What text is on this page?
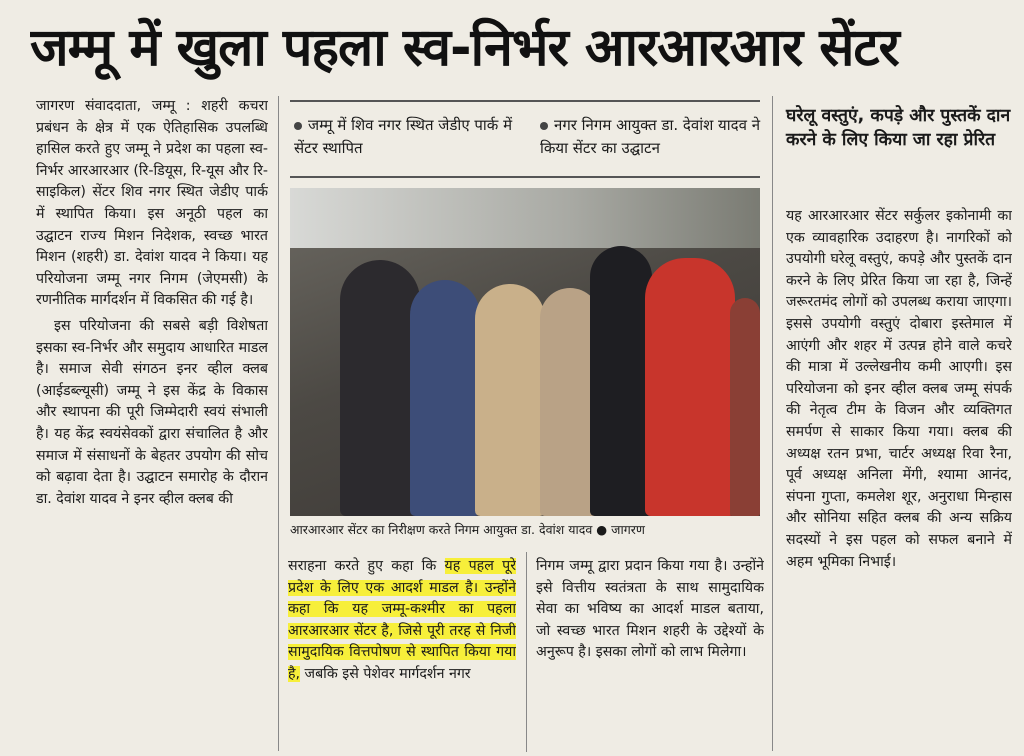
जम्मू में खुला पहला स्व-निर्भर आरआरआर सेंटर

जागरण संवाददाता, जम्मू : शहरी कचरा प्रबंधन के क्षेत्र में एक ऐतिहासिक उपलब्धि हासिल करते हुए जम्मू ने प्रदेश का पहला स्व-निर्भर आरआरआर (रि-डियूस, रि-यूस और रि-साइकिल) सेंटर शिव नगर स्थित जेडीए पार्क में स्थापित किया। इस अनूठी पहल का उद्घाटन राज्य मिशन निदेशक, स्वच्छ भारत मिशन (शहरी) डा. देवांश यादव ने किया। यह परियोजना जम्मू नगर निगम (जेएमसी) के रणनीतिक मार्गदर्शन में विकसित की गई है।

इस परियोजना की सबसे बड़ी विशेषता इसका स्व-निर्भर और समुदाय आधारित माडल है। समाज सेवी संगठन इनर व्हील क्लब (आईडब्ल्यूसी) जम्मू ने इस केंद्र के विकास और स्थापना की पूरी जिम्मेदारी स्वयं संभाली है। यह केंद्र स्वयंसेवकों द्वारा संचालित है और समाज में संसाधनों के बेहतर उपयोग की सोच को बढ़ावा देता है। उद्घाटन समारोह के दौरान डा. देवांश यादव ने इनर व्हील क्लब की

जम्मू में शिव नगर स्थित जेडीए पार्क में सेंटर स्थापित
नगर निगम आयुक्त डा. देवांश यादव ने किया सेंटर का उद्घाटन
आरआरआर सेंटर का निरीक्षण करते निगम आयुक्त डा. देवांश यादव ● जागरण
सराहना करते हुए कहा कि यह पहल पूरे प्रदेश के लिए एक आदर्श माडल है। उन्होंने कहा कि यह जम्मू-कश्मीर का पहला आरआरआर सेंटर है, जिसे पूरी तरह से निजी सामुदायिक वित्तपोषण से स्थापित किया गया है, जबकि इसे पेशेवर मार्गदर्शन नगर
निगम जम्मू द्वारा प्रदान किया गया है। उन्होंने इसे वित्तीय स्वतंत्रता के साथ सामुदायिक सेवा का भविष्य का आदर्श माडल बताया, जो स्वच्छ भारत मिशन शहरी के उद्देश्यों के अनुरूप है। इसका लोगों को लाभ मिलेगा।
घरेलू वस्तुएं, कपड़े और पुस्तकें दान करने के लिए किया जा रहा प्रेरित
यह आरआरआर सेंटर सर्कुलर इकोनामी का एक व्यावहारिक उदाहरण है। नागरिकों को उपयोगी घरेलू वस्तुएं, कपड़े और पुस्तकें दान करने के लिए प्रेरित किया जा रहा है, जिन्हें जरूरतमंद लोगों को उपलब्ध कराया जाएगा। इससे उपयोगी वस्तुएं दोबारा इस्तेमाल में आएंगी और शहर में उत्पन्न होने वाले कचरे की मात्रा में उल्लेखनीय कमी आएगी। इस परियोजना को इनर व्हील क्लब जम्मू संपर्क की नेतृत्व टीम के विजन और व्यक्तिगत समर्पण से साकार किया गया। क्लब की अध्यक्ष रतन प्रभा, चार्टर अध्यक्ष रिवा रैना, पूर्व अध्यक्ष अनिला मेंगी, श्यामा आनंद, संपना गुप्ता, कमलेश शूर, अनुराधा मिन्हास और सोनिया सहित क्लब की अन्य सक्रिय सदस्यों ने इस पहल को सफल बनाने में अहम भूमिका निभाई।
